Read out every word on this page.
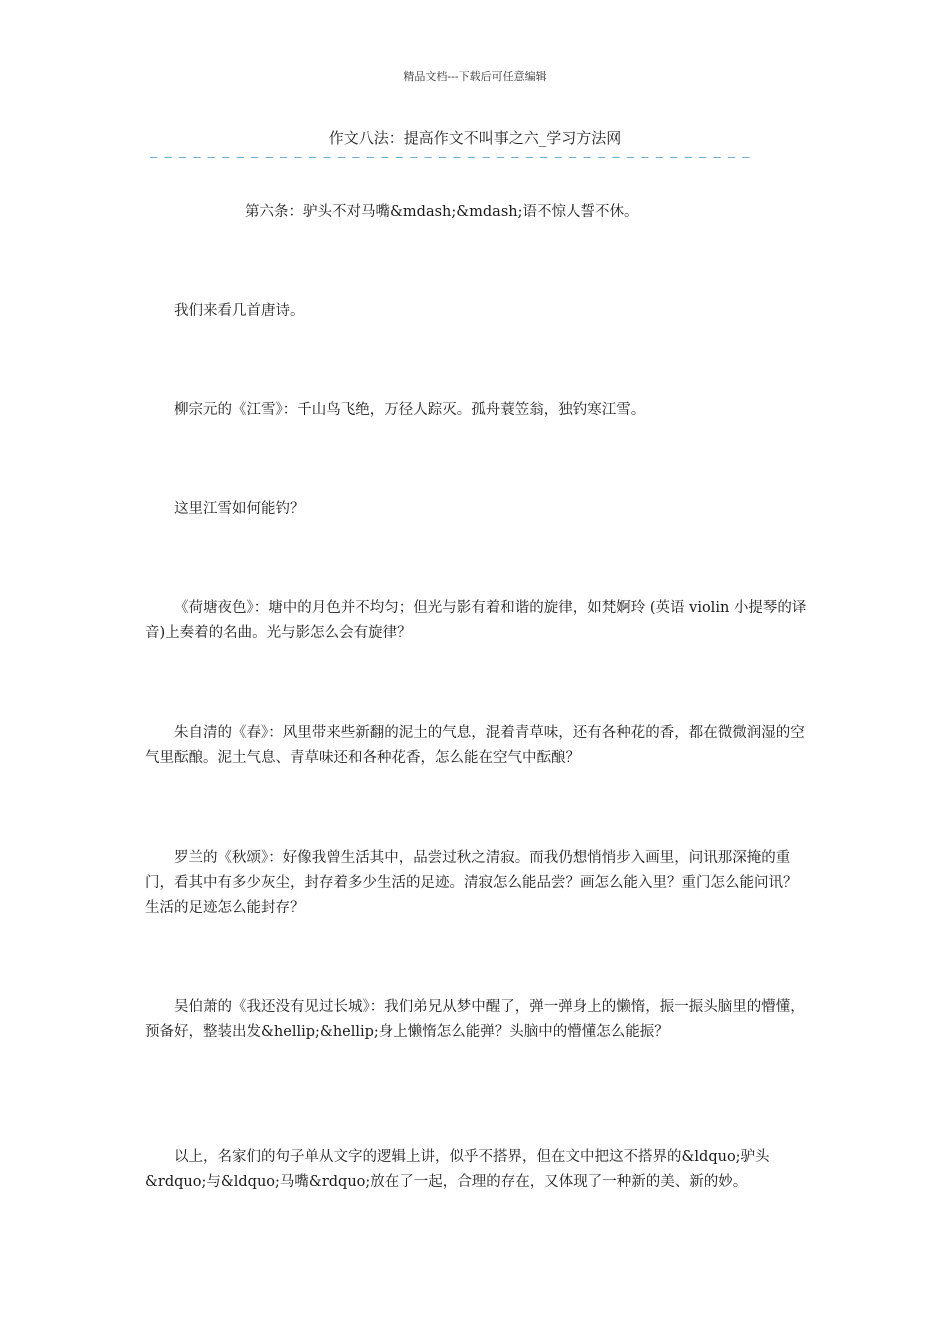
精品文档---下载后可任意编辑
作文八法：提高作文不叫事之六_学习方法网
— — — — — — — — — — — — — — — — — — — — — — — — — — — — — — — — — — — — — — — — — —
第六条：驴头不对马嘴&mdash;&mdash;语不惊人誓不休。
我们来看几首唐诗。
柳宗元的《江雪》：千山鸟飞绝，万径人踪灭。孤舟蓑笠翁，独钓寒江雪。
这里江雪如何能钓？
《荷塘夜色》：塘中的月色并不均匀；但光与影有着和谐的旋律，如梵婀玲 (英语 violin 小提琴的译音)上奏着的名曲。光与影怎么会有旋律？
朱自清的《春》：风里带来些新翻的泥土的气息，混着青草味，还有各种花的香，都在微微润湿的空气里酝酿。泥土气息、青草味还和各种花香，怎么能在空气中酝酿？
罗兰的《秋颂》：好像我曾生活其中，品尝过秋之清寂。而我仍想悄悄步入画里，问讯那深掩的重门，看其中有多少灰尘，封存着多少生活的足迹。清寂怎么能品尝？画怎么能入里？重门怎么能问讯？生活的足迹怎么能封存？
吴伯萧的《我还没有见过长城》：我们弟兄从梦中醒了，弹一弹身上的懒惰，振一振头脑里的懵懂，预备好，整装出发&hellip;&hellip;身上懒惰怎么能弹？头脑中的懵懂怎么能振？
以上，名家们的句子单从文字的逻辑上讲，似乎不搭界，但在文中把这不搭界的&ldquo;驴头&rdquo;与&ldquo;马嘴&rdquo;放在了一起，合理的存在，又体现了一种新的美、新的妙。
